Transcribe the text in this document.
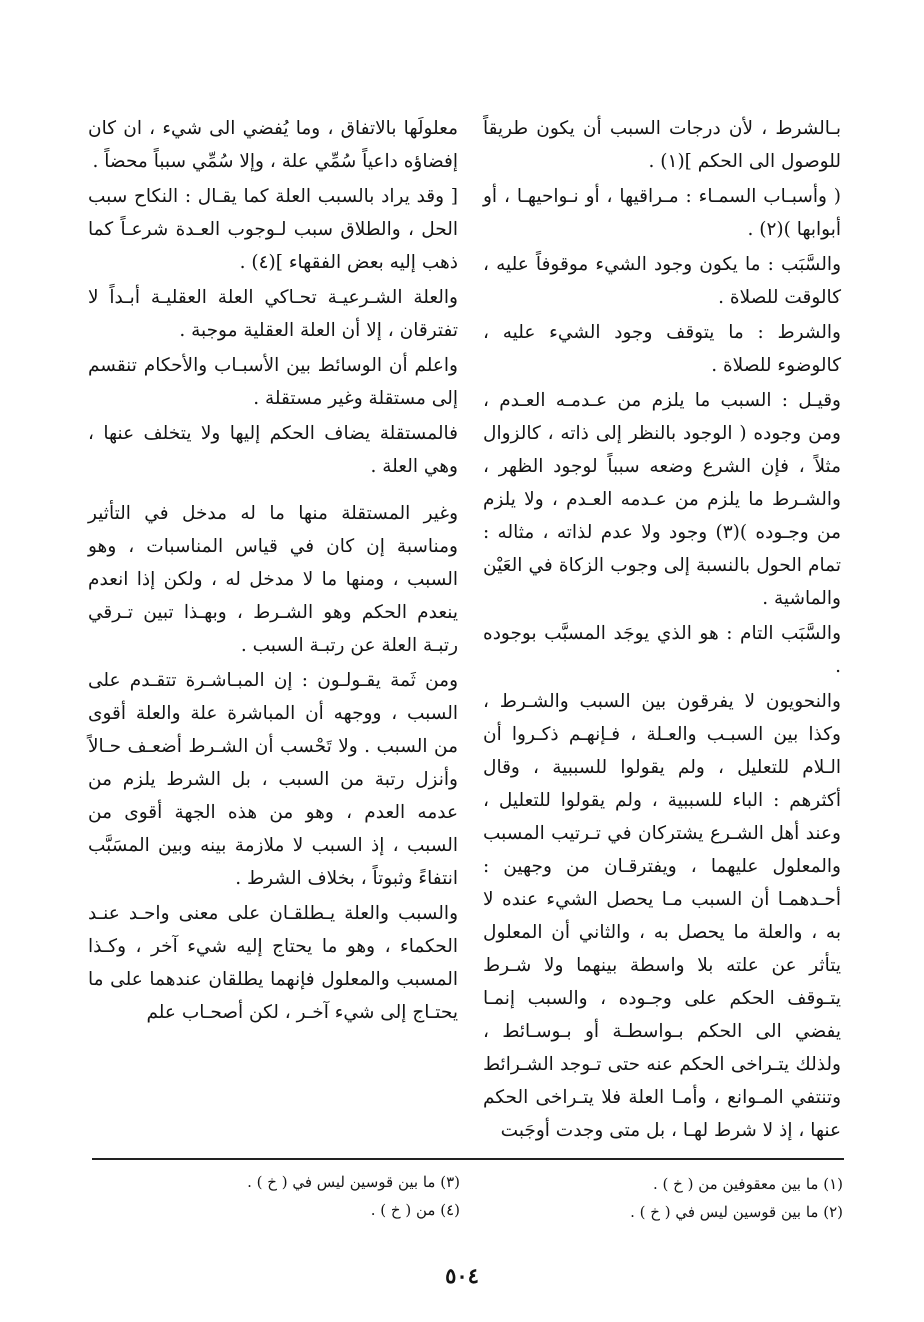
بـالشرط ، لأن درجات السبب أن يكون طريقاً للوصول الى الحكم ](١) .

( وأسبـاب السمـاء : مـراقيها ، أو نـواحيهـا ، أو أبوابها )(٢) .

والسَّبَب : ما يكون وجود الشيء موقوفاً عليه ، كالوقت للصلاة .

والشرط : ما يتوقف وجود الشيء عليه ، كالوضوء للصلاة .

وقيـل : السبب ما يلزم من عـدمـه العـدم ، ومن وجوده ( الوجود بالنظر إلى ذاته ، كالزوال مثلاً ، فإن الشرع وضعه سبباً لوجود الظهر ، والشـرط ما يلزم من عـدمه العـدم ، ولا يلزم من وجـوده )(٣) وجود ولا عدم لذاته ، مثاله : تمام الحول بالنسبة إلى وجوب الزكاة في العَيْن والماشية .

والسَّبَب التام : هو الذي يوجَد المسبَّب بوجوده .

والنحويون لا يفرقون بين السبب والشـرط ، وكذا بين السبـب والعـلة ، فـإنهـم ذكـروا أن الـلام للتعليل ، ولم يقولوا للسببية ، وقال أكثرهم : الباء للسببية ، ولم يقولوا للتعليل ، وعند أهل الشـرع يشتركان في تـرتيب المسبب والمعلول عليهما ، ويفترقـان من وجهين : أحـدهمـا أن السبب مـا يحصل الشيء عنده لا به ، والعلة ما يحصل به ، والثاني أن المعلول يتأثر عن علته بلا واسطة بينهما ولا شـرط يتـوقف الحكم على وجـوده ، والسبب إنمـا يفضي الى الحكم بـواسطـة أو بـوسـائط ، ولذلك يتـراخى الحكم عنه حتى تـوجد الشـرائط وتنتفي المـوانع ، وأمـا العلة فلا يتـراخى الحكم عنها ، إذ لا شرط لهـا ، بل متى وجدت أوجَبت

معلولَها بالاتفاق ، وما يُفضي الى شيء ، ان كان إفضاؤه داعياً سُمِّي علة ، وإلا سُمِّي سبباً محضاً .

[ وقد يراد بالسبب العلة كما يقـال : النكاح سبب الحل ، والطلاق سبب لـوجوب العـدة شرعـاً كما ذهب إليه بعض الفقهاء ](٤) .

والعلة الشـرعيـة تحـاكي العلة العقليـة أبـداً لا تفترقان ، إلا أن العلة العقلية موجبة .

واعلم أن الوسائط بين الأسبـاب والأحكام تنقسم إلى مستقلة وغير مستقلة .

فالمستقلة يضاف الحكم إليها ولا يتخلف عنها ، وهي العلة .

وغير المستقلة منها ما له مدخل في التأثير ومناسبة إن كان في قياس المناسبات ، وهو السبب ، ومنها ما لا مدخل له ، ولكن إذا انعدم ينعدم الحكم وهو الشـرط ، وبهـذا تبين تـرقي رتبـة العلة عن رتبـة السبب .

ومن ثَمة يقـولـون : إن المبـاشـرة تتقـدم على السبب ، ووجهه أن المباشرة علة والعلة أقوى من السبب . ولا تَحْسب أن الشـرط أضعـف حـالاً وأنزل رتبة من السبب ، بل الشرط يلزم من عدمه العدم ، وهو من هذه الجهة أقوى من السبب ، إذ السبب لا ملازمة بينه وبين المسَبَّب انتفاءً وثبوتاً ، بخلاف الشرط .

والسبب والعلة يـطلقـان على معنى واحـد عنـد الحكماء ، وهو ما يحتاج إليه شيء آخر ، وكـذا المسبب والمعلول فإنهما يطلقان عندهما على ما يحتـاج إلى شيء آخـر ، لكن أصحـاب علم

(١) ما بين معقوفين من ( خ ) .
(٢) ما بين قوسين ليس في ( خ ) .
(٣) ما بين قوسين ليس في ( خ ) .
(٤) من ( خ ) .
٥٠٤
